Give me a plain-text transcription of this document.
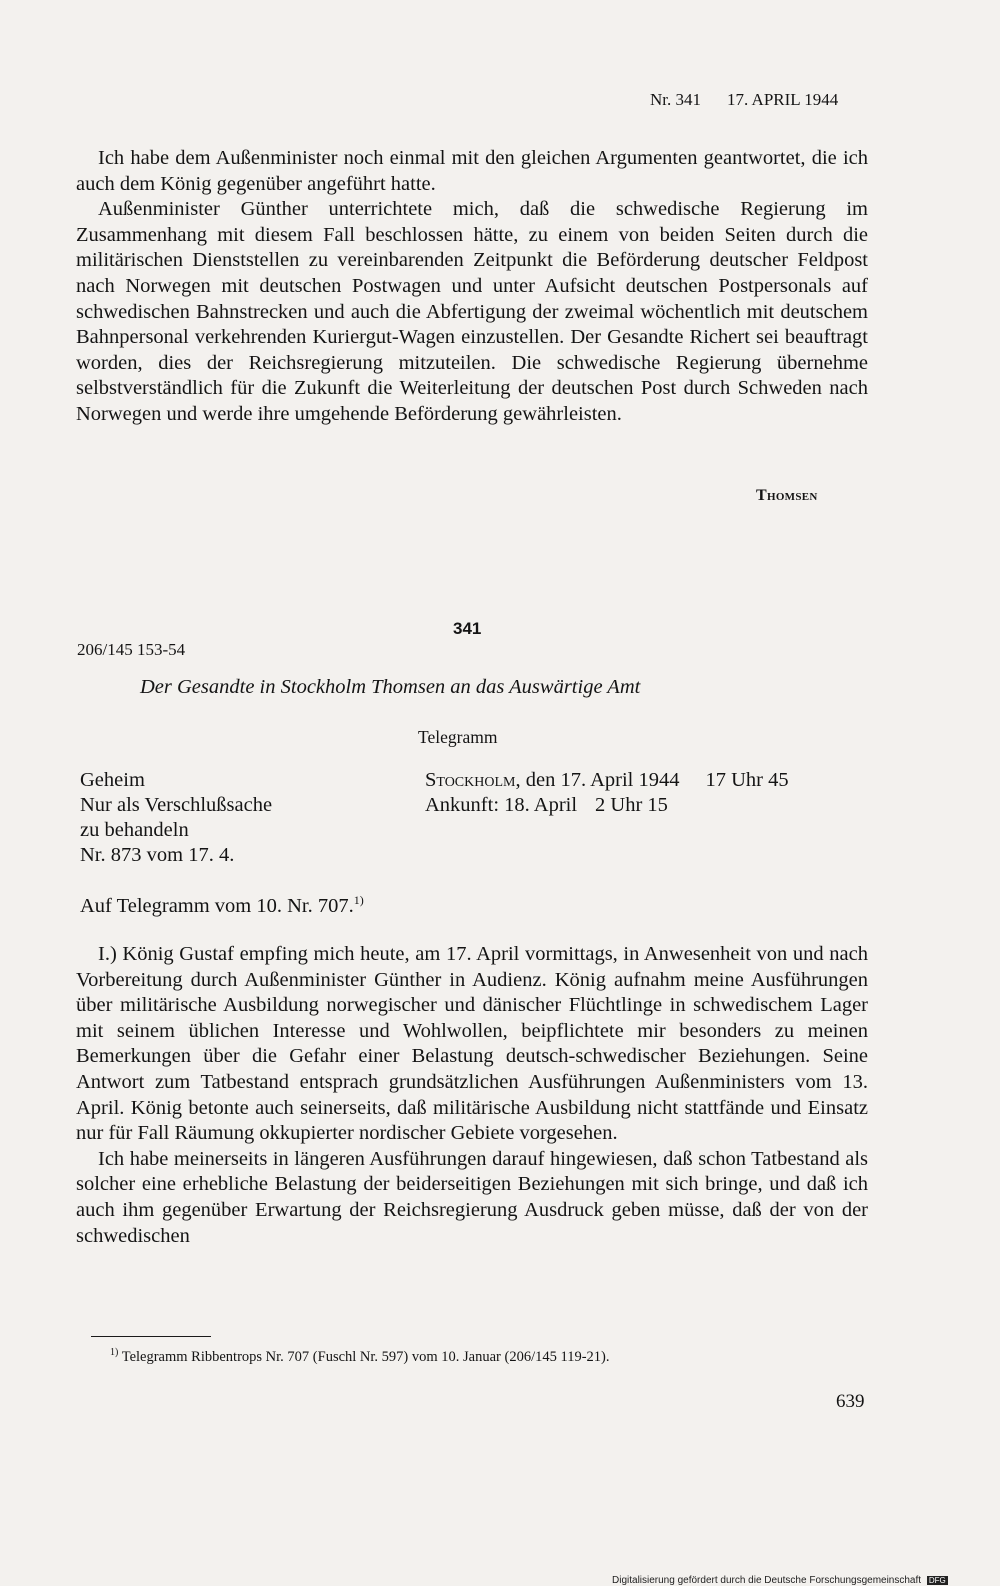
Nr. 341 17. APRIL 1944

Ich habe dem Außenminister noch einmal mit den gleichen Argumenten geantwortet, die ich auch dem König gegenüber angeführt hatte.

Außenminister Günther unterrichtete mich, daß die schwedische Regierung im Zusammenhang mit diesem Fall beschlossen hätte, zu einem von beiden Seiten durch die militärischen Dienststellen zu vereinbarenden Zeitpunkt die Beförderung deutscher Feldpost nach Norwegen mit deutschen Postwagen und unter Aufsicht deutschen Postpersonals auf schwedischen Bahnstrecken und auch die Abfertigung der zweimal wöchentlich mit deutschem Bahnpersonal verkehrenden Kuriergut-Wagen einzustellen. Der Gesandte Richert sei beauftragt worden, dies der Reichsregierung mitzuteilen. Die schwedische Regierung übernehme selbstverständlich für die Zukunft die Weiterleitung der deutschen Post durch Schweden nach Norwegen und werde ihre umgehende Beförderung gewährleisten.

Thomsen
341
206/145 153-54
Der Gesandte in Stockholm Thomsen an das Auswärtige Amt
Telegramm
Geheim
Nur als Verschlußsache
zu behandeln
Nr. 873 vom 17. 4.
Stockholm, den 17. April 1944 17 Uhr 45
Ankunft: 18. April 2 Uhr 15
Auf Telegramm vom 10. Nr. 707.$^{1)}$

I.) König Gustaf empfing mich heute, am 17. April vormittags, in Anwesenheit von und nach Vorbereitung durch Außenminister Günther in Audienz. König aufnahm meine Ausführungen über militärische Ausbildung norwegischer und dänischer Flüchtlinge in schwedischem Lager mit seinem üblichen Interesse und Wohlwollen, beipflichtete mir besonders zu meinen Bemerkungen über die Gefahr einer Belastung deutsch-schwedischer Beziehungen. Seine Antwort zum Tatbestand entsprach grundsätzlichen Ausführungen Außenministers vom 13. April. König betonte auch seinerseits, daß militärische Ausbildung nicht stattfände und Einsatz nur für Fall Räumung okkupierter nordischer Gebiete vorgesehen.

Ich habe meinerseits in längeren Ausführungen darauf hingewiesen, daß schon Tatbestand als solcher eine erhebliche Belastung der beiderseitigen Beziehungen mit sich bringe, und daß ich auch ihm gegenüber Erwartung der Reichsregierung Ausdruck geben müsse, daß der von der schwedischen

$^{1)}$ Telegramm Ribbentrops Nr. 707 (Fuschl Nr. 597) vom 10. Januar (206/145 119-21).
639
Digitalisierung gefördert durch die Deutsche Forschungsgemeinschaft DFG
